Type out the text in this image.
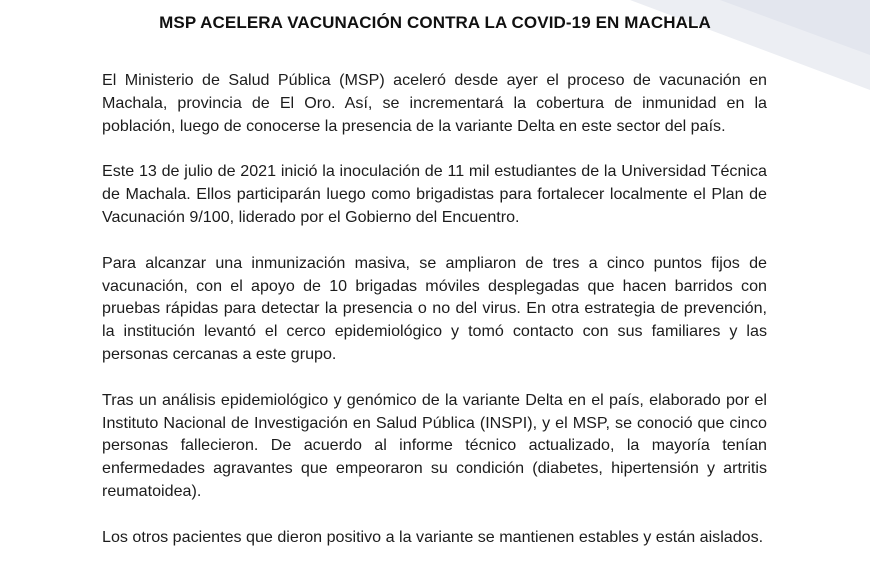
MSP ACELERA VACUNACIÓN CONTRA LA COVID-19 EN MACHALA

El Ministerio de Salud Pública (MSP) aceleró desde ayer el proceso de vacunación en Machala, provincia de El Oro. Así, se incrementará la cobertura de inmunidad en la población, luego de conocerse la presencia de la variante Delta en este sector del país.

Este 13 de julio de 2021 inició la inoculación de 11 mil estudiantes de la Universidad Técnica de Machala. Ellos participarán luego como brigadistas para fortalecer localmente el Plan de Vacunación 9/100, liderado por el Gobierno del Encuentro.

Para alcanzar una inmunización masiva, se ampliaron de tres a cinco puntos fijos de vacunación, con el apoyo de 10 brigadas móviles desplegadas que hacen barridos con pruebas rápidas para detectar la presencia o no del virus. En otra estrategia de prevención, la institución levantó el cerco epidemiológico y tomó contacto con sus familiares y las personas cercanas a este grupo.

Tras un análisis epidemiológico y genómico de la variante Delta en el país, elaborado por el Instituto Nacional de Investigación en Salud Pública (INSPI), y el MSP, se conoció que cinco personas fallecieron. De acuerdo al informe técnico actualizado, la mayoría tenían enfermedades agravantes que empeoraron su condición (diabetes, hipertensión y artritis reumatoidea).

Los otros pacientes que dieron positivo a la variante se mantienen estables y están aislados.
